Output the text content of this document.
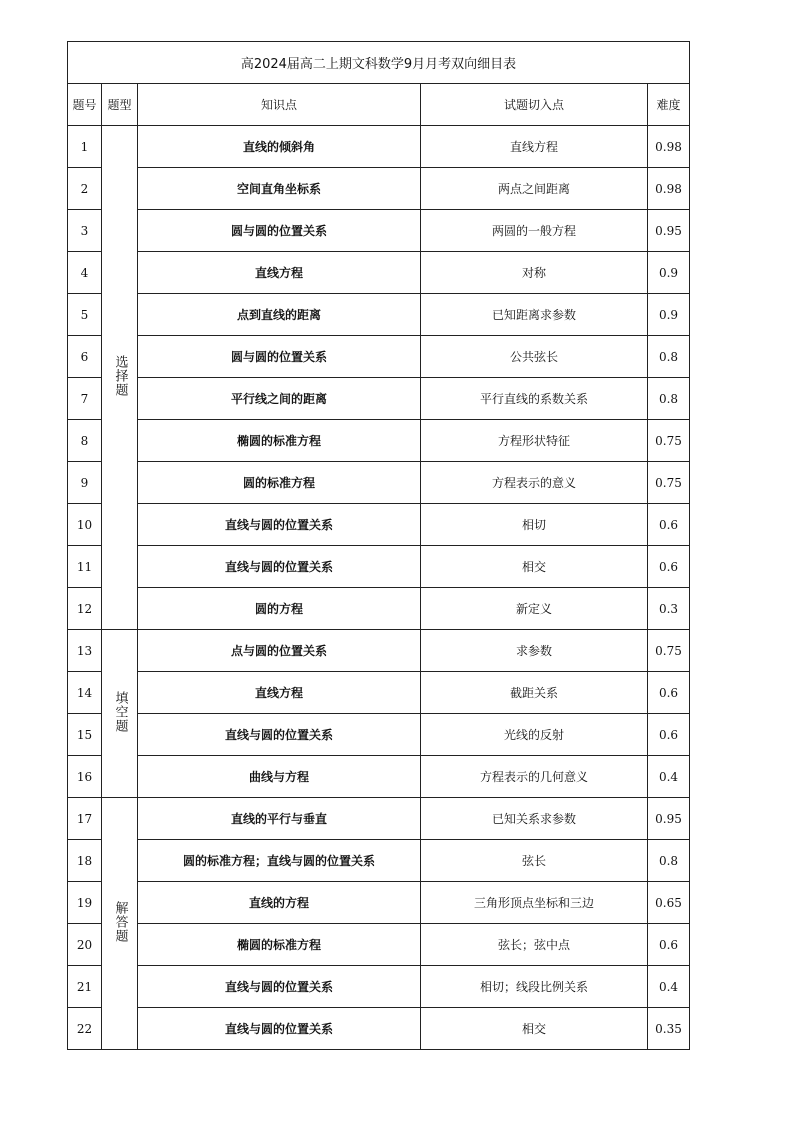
高2024届高二上期文科数学9月月考双向细目表				
题号	题型	知识点	试题切入点	难度
1	选择题	直线的倾斜角	直线方程	0.98
2		空间直角坐标系	两点之间距离	0.98
3		圆与圆的位置关系	两圆的一般方程	0.95
4		直线方程	对称	0.9
5		点到直线的距离	已知距离求参数	0.9
6		圆与圆的位置关系	公共弦长	0.8
7		平行线之间的距离	平行直线的系数关系	0.8
8		椭圆的标准方程	方程形状特征	0.75
9		圆的标准方程	方程表示的意义	0.75
10		直线与圆的位置关系	相切	0.6
11		直线与圆的位置关系	相交	0.6
12		圆的方程	新定义	0.3
13	填空题	点与圆的位置关系	求参数	0.75
14		直线方程	截距关系	0.6
15		直线与圆的位置关系	光线的反射	0.6
16		曲线与方程	方程表示的几何意义	0.4
17	解答题	直线的平行与垂直	已知关系求参数	0.95
18		圆的标准方程；直线与圆的位置关系	弦长	0.8
19		直线的方程	三角形顶点坐标和三边	0.65
20		椭圆的标准方程	弦长；弦中点	0.6
21		直线与圆的位置关系	相切；线段比例关系	0.4
22		直线与圆的位置关系	相交	0.35
